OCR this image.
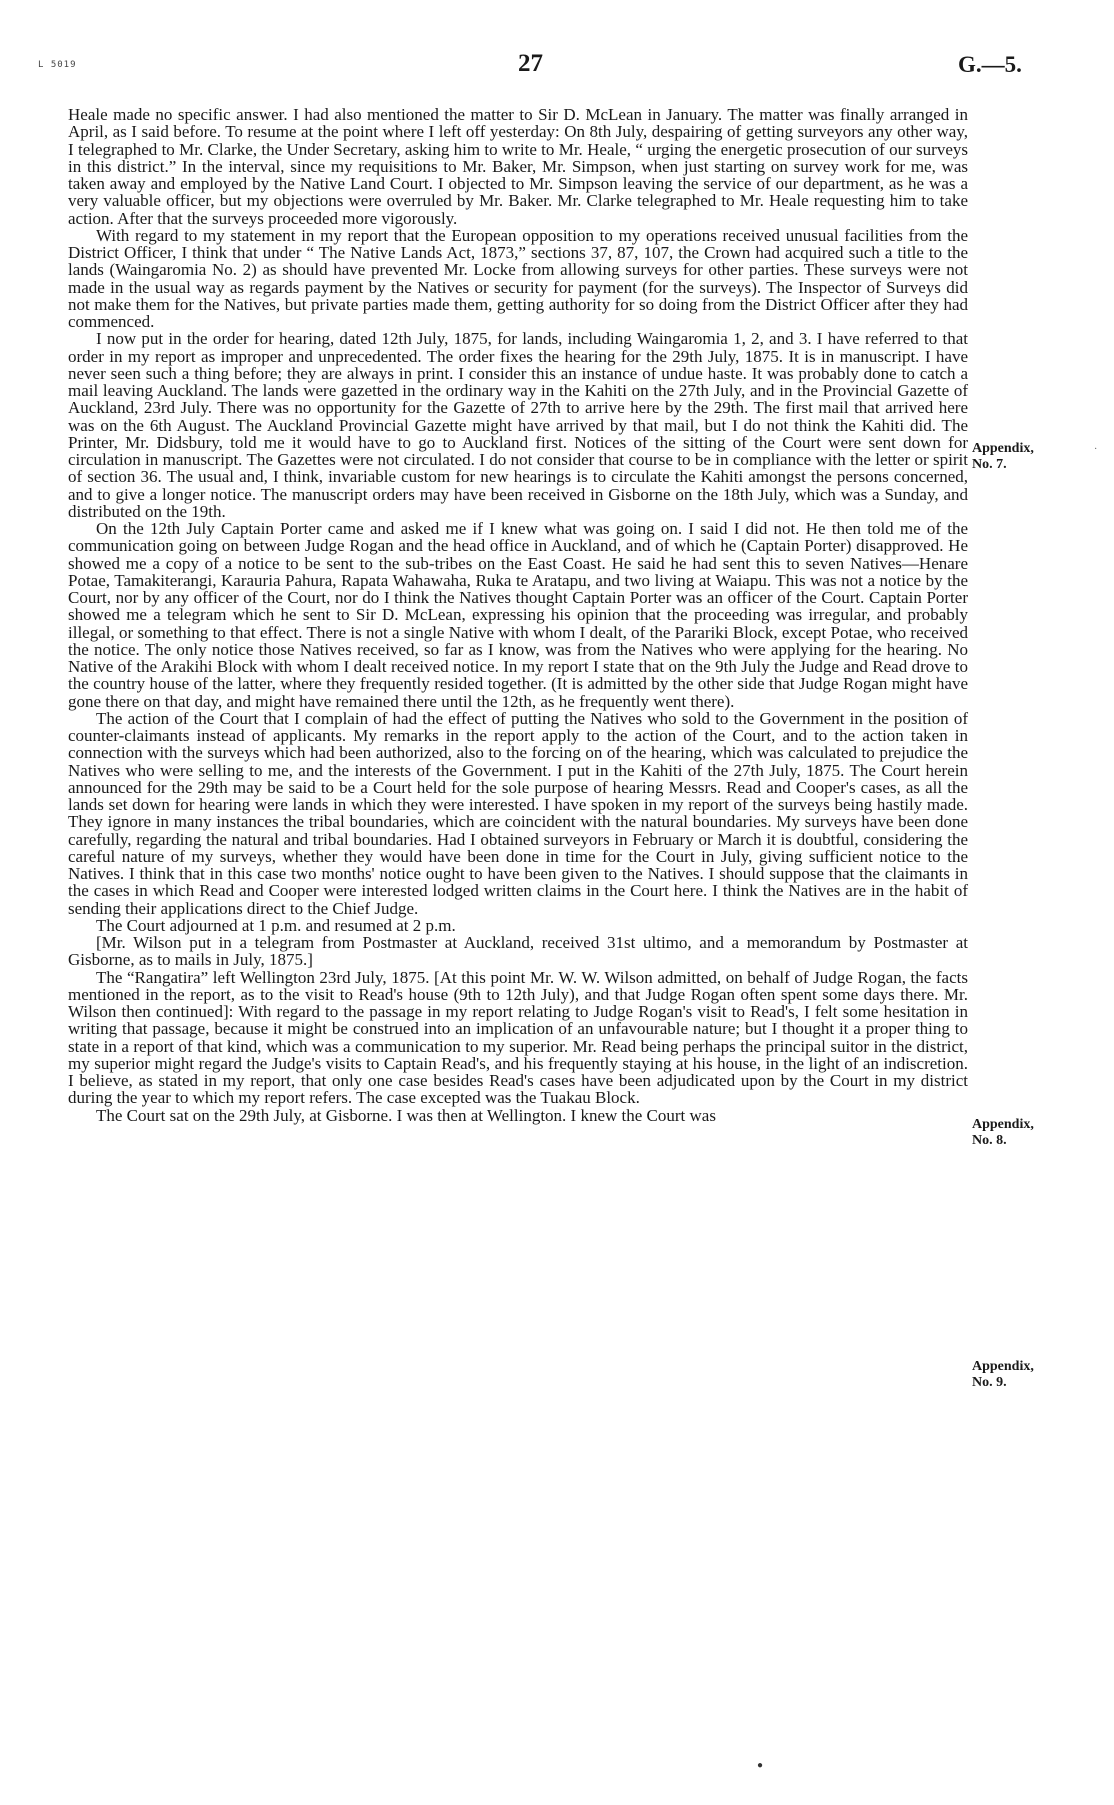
L 5019	27	G.—5.

Heale made no specific answer. I had also mentioned the matter to Sir D. McLean in January. The matter was finally arranged in April, as I said before. To resume at the point where I left off yesterday: On 8th July, despairing of getting surveyors any other way, I telegraphed to Mr. Clarke, the Under Secretary, asking him to write to Mr. Heale, “ urging the energetic prosecution of our surveys in this district.” In the interval, since my requisitions to Mr. Baker, Mr. Simpson, when just starting on survey work for me, was taken away and employed by the Native Land Court. I objected to Mr. Simpson leaving the service of our department, as he was a very valuable officer, but my objections were overruled by Mr. Baker. Mr. Clarke telegraphed to Mr. Heale requesting him to take action. After that the surveys proceeded more vigorously.

With regard to my statement in my report that the European opposition to my operations received unusual facilities from the District Officer, I think that under “ The Native Lands Act, 1873,” sections 37, 87, 107, the Crown had acquired such a title to the lands (Waingaromia No. 2) as should have prevented Mr. Locke from allowing surveys for other parties. These surveys were not made in the usual way as regards payment by the Natives or security for payment (for the surveys). The Inspector of Surveys did not make them for the Natives, but private parties made them, getting authority for so doing from the District Officer after they had commenced.

I now put in the order for hearing, dated 12th July, 1875, for lands, including Waingaromia 1, 2, and 3. I have referred to that order in my report as improper and unprecedented. The order fixes the hearing for the 29th July, 1875. It is in manuscript. I have never seen such a thing before; they are always in print. I consider this an instance of undue haste. It was probably done to catch a mail leaving Auckland. The lands were gazetted in the ordinary way in the Kahiti on the 27th July, and in the Provincial Gazette of Auckland, 23rd July. There was no opportunity for the Gazette of 27th to arrive here by the 29th. The first mail that arrived here was on the 6th August. The Auckland Provincial Gazette might have arrived by that mail, but I do not think the Kahiti did. The Printer, Mr. Didsbury, told me it would have to go to Auckland first. Notices of the sitting of the Court were sent down for circulation in manuscript. The Gazettes were not circulated. I do not consider that course to be in compliance with the letter or spirit of section 36. The usual and, I think, invariable custom for new hearings is to circulate the Kahiti amongst the persons concerned, and to give a longer notice. The manuscript orders may have been received in Gisborne on the 18th July, which was a Sunday, and distributed on the 19th.

On the 12th July Captain Porter came and asked me if I knew what was going on. I said I did not. He then told me of the communication going on between Judge Rogan and the head office in Auckland, and of which he (Captain Porter) disapproved. He showed me a copy of a notice to be sent to the sub-tribes on the East Coast. He said he had sent this to seven Natives—Henare Potae, Tamakiterangi, Karauria Pahura, Rapata Wahawaha, Ruka te Aratapu, and two living at Waiapu. This was not a notice by the Court, nor by any officer of the Court, nor do I think the Natives thought Captain Porter was an officer of the Court. Captain Porter showed me a telegram which he sent to Sir D. McLean, expressing his opinion that the proceeding was irregular, and probably illegal, or something to that effect. There is not a single Native with whom I dealt, of the Parariki Block, except Potae, who received the notice. The only notice those Natives received, so far as I know, was from the Natives who were applying for the hearing. No Native of the Arakihi Block with whom I dealt received notice. In my report I state that on the 9th July the Judge and Read drove to the country house of the latter, where they frequently resided together. (It is admitted by the other side that Judge Rogan might have gone there on that day, and might have remained there until the 12th, as he frequently went there).

The action of the Court that I complain of had the effect of putting the Natives who sold to the Government in the position of counter-claimants instead of applicants. My remarks in the report apply to the action of the Court, and to the action taken in connection with the surveys which had been authorized, also to the forcing on of the hearing, which was calculated to prejudice the Natives who were selling to me, and the interests of the Government. I put in the Kahiti of the 27th July, 1875. The Court herein announced for the 29th may be said to be a Court held for the sole purpose of hearing Messrs. Read and Cooper's cases, as all the lands set down for hearing were lands in which they were interested. I have spoken in my report of the surveys being hastily made. They ignore in many instances the tribal boundaries, which are coincident with the natural boundaries. My surveys have been done carefully, regarding the natural and tribal boundaries. Had I obtained surveyors in February or March it is doubtful, considering the careful nature of my surveys, whether they would have been done in time for the Court in July, giving sufficient notice to the Natives. I think that in this case two months' notice ought to have been given to the Natives. I should suppose that the claimants in the cases in which Read and Cooper were interested lodged written claims in the Court here. I think the Natives are in the habit of sending their applications direct to the Chief Judge.

The Court adjourned at 1 p.m. and resumed at 2 p.m.

[Mr. Wilson put in a telegram from Postmaster at Auckland, received 31st ultimo, and a memorandum by Postmaster at Gisborne, as to mails in July, 1875.]

The “Rangatira” left Wellington 23rd July, 1875. [At this point Mr. W. W. Wilson admitted, on behalf of Judge Rogan, the facts mentioned in the report, as to the visit to Read's house (9th to 12th July), and that Judge Rogan often spent some days there. Mr. Wilson then continued]: With regard to the passage in my report relating to Judge Rogan's visit to Read's, I felt some hesitation in writing that passage, because it might be construed into an implication of an unfavourable nature; but I thought it a proper thing to state in a report of that kind, which was a communication to my superior. Mr. Read being perhaps the principal suitor in the district, my superior might regard the Judge's visits to Captain Read's, and his frequently staying at his house, in the light of an indiscretion. I believe, as stated in my report, that only one case besides Read's cases have been adjudicated upon by the Court in my district during the year to which my report refers. The case excepted was the Tuakau Block.

The Court sat on the 29th July, at Gisborne. I was then at Wellington. I knew the Court was

Appendix,
No. 7.
Appendix,
No. 8.
Appendix,
No. 9.
·
●
